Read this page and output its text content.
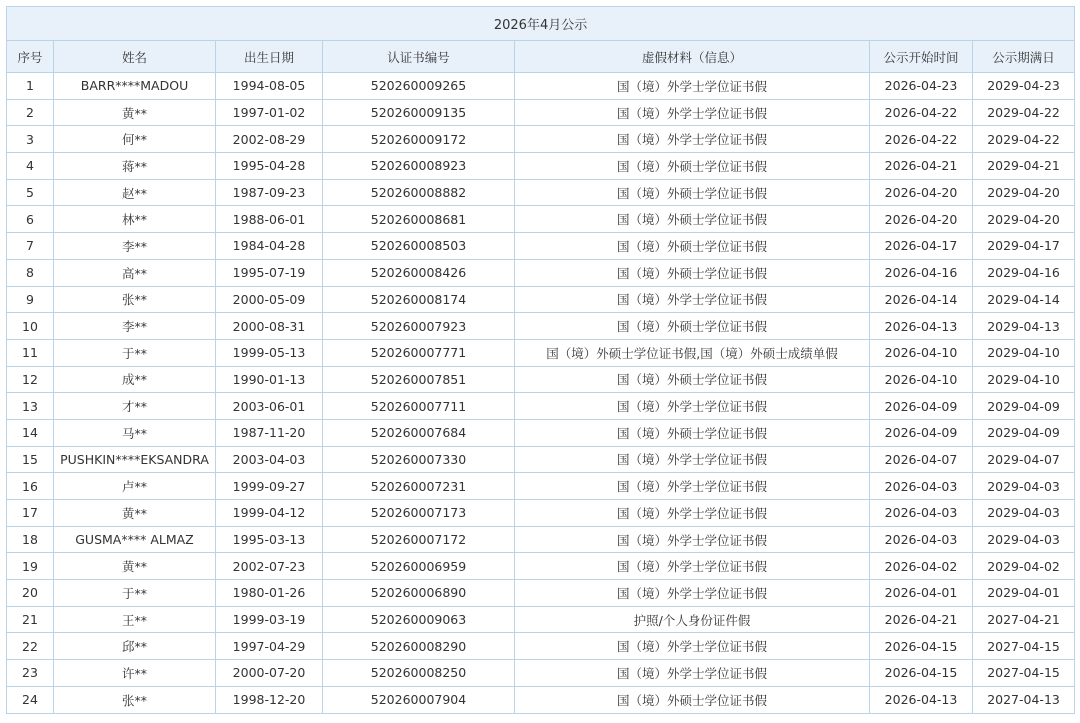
2026年4月公示						
序号	姓名	出生日期	认证书编号	虚假材料（信息）	公示开始时间	公示期满日
1	BARR****MADOU	1994-08-05	520260009265	国（境）外学士学位证书假	2026-04-23	2029-04-23
2	黄**	1997-01-02	520260009135	国（境）外学士学位证书假	2026-04-22	2029-04-22
3	何**	2002-08-29	520260009172	国（境）外学士学位证书假	2026-04-22	2029-04-22
4	蒋**	1995-04-28	520260008923	国（境）外硕士学位证书假	2026-04-21	2029-04-21
5	赵**	1987-09-23	520260008882	国（境）外硕士学位证书假	2026-04-20	2029-04-20
6	林**	1988-06-01	520260008681	国（境）外硕士学位证书假	2026-04-20	2029-04-20
7	李**	1984-04-28	520260008503	国（境）外硕士学位证书假	2026-04-17	2029-04-17
8	高**	1995-07-19	520260008426	国（境）外硕士学位证书假	2026-04-16	2029-04-16
9	张**	2000-05-09	520260008174	国（境）外学士学位证书假	2026-04-14	2029-04-14
10	李**	2000-08-31	520260007923	国（境）外硕士学位证书假	2026-04-13	2029-04-13
11	于**	1999-05-13	520260007771	国（境）外硕士学位证书假,国（境）外硕士成绩单假	2026-04-10	2029-04-10
12	成**	1990-01-13	520260007851	国（境）外硕士学位证书假	2026-04-10	2029-04-10
13	才**	2003-06-01	520260007711	国（境）外学士学位证书假	2026-04-09	2029-04-09
14	马**	1987-11-20	520260007684	国（境）外硕士学位证书假	2026-04-09	2029-04-09
15	PUSHKIN****EKSANDRA	2003-04-03	520260007330	国（境）外学士学位证书假	2026-04-07	2029-04-07
16	卢**	1999-09-27	520260007231	国（境）外学士学位证书假	2026-04-03	2029-04-03
17	黄**	1999-04-12	520260007173	国（境）外学士学位证书假	2026-04-03	2029-04-03
18	GUSMA**** ALMAZ	1995-03-13	520260007172	国（境）外学士学位证书假	2026-04-03	2029-04-03
19	黄**	2002-07-23	520260006959	国（境）外学士学位证书假	2026-04-02	2029-04-02
20	于**	1980-01-26	520260006890	国（境）外学士学位证书假	2026-04-01	2029-04-01
21	王**	1999-03-19	520260009063	护照/个人身份证件假	2026-04-21	2027-04-21
22	邱**	1997-04-29	520260008290	国（境）外学士学位证书假	2026-04-15	2027-04-15
23	许**	2000-07-20	520260008250	国（境）外学士学位证书假	2026-04-15	2027-04-15
24	张**	1998-12-20	520260007904	国（境）外硕士学位证书假	2026-04-13	2027-04-13
